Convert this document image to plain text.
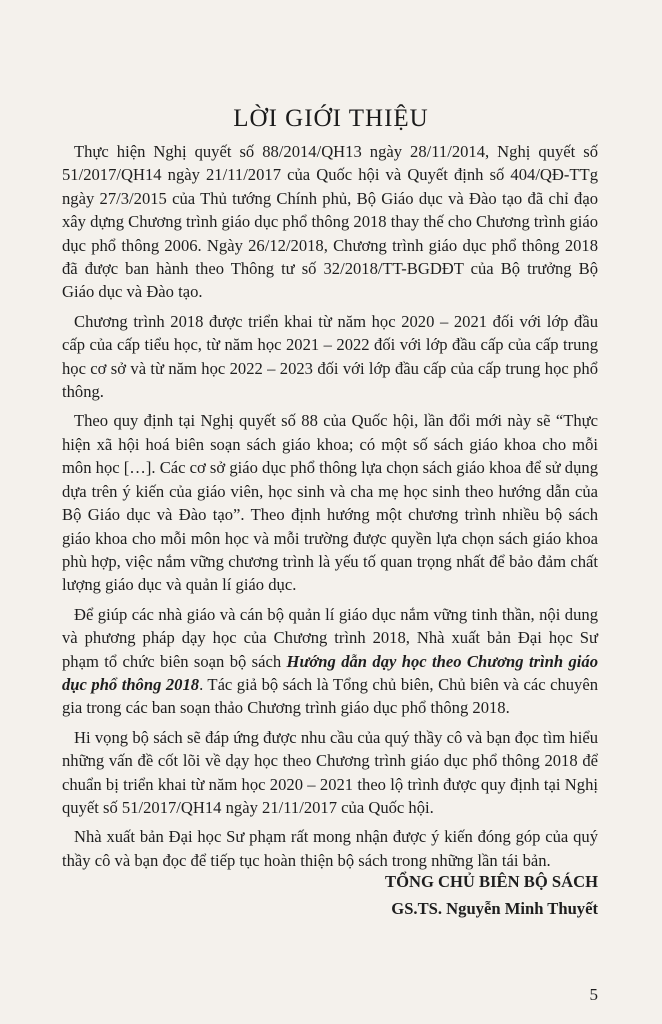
LỜI GIỚI THIỆU

Thực hiện Nghị quyết số 88/2014/QH13 ngày 28/11/2014, Nghị quyết số 51/2017/QH14 ngày 21/11/2017 của Quốc hội và Quyết định số 404/QĐ-TTg ngày 27/3/2015 của Thủ tướng Chính phủ, Bộ Giáo dục và Đào tạo đã chỉ đạo xây dựng Chương trình giáo dục phổ thông 2018 thay thế cho Chương trình giáo dục phổ thông 2006. Ngày 26/12/2018, Chương trình giáo dục phổ thông 2018 đã được ban hành theo Thông tư số 32/2018/TT-BGDĐT của Bộ trưởng Bộ Giáo dục và Đào tạo.

Chương trình 2018 được triển khai từ năm học 2020 – 2021 đối với lớp đầu cấp của cấp tiểu học, từ năm học 2021 – 2022 đối với lớp đầu cấp của cấp trung học cơ sở và từ năm học 2022 – 2023 đối với lớp đầu cấp của cấp trung học phổ thông.

Theo quy định tại Nghị quyết số 88 của Quốc hội, lần đổi mới này sẽ “Thực hiện xã hội hoá biên soạn sách giáo khoa; có một số sách giáo khoa cho mỗi môn học […]. Các cơ sở giáo dục phổ thông lựa chọn sách giáo khoa để sử dụng dựa trên ý kiến của giáo viên, học sinh và cha mẹ học sinh theo hướng dẫn của Bộ Giáo dục và Đào tạo”. Theo định hướng một chương trình nhiều bộ sách giáo khoa cho mỗi môn học và mỗi trường được quyền lựa chọn sách giáo khoa phù hợp, việc nắm vững chương trình là yếu tố quan trọng nhất để bảo đảm chất lượng giáo dục và quản lí giáo dục.

Để giúp các nhà giáo và cán bộ quản lí giáo dục nắm vững tinh thần, nội dung và phương pháp dạy học của Chương trình 2018, Nhà xuất bản Đại học Sư phạm tổ chức biên soạn bộ sách Hướng dẫn dạy học theo Chương trình giáo dục phổ thông 2018. Tác giả bộ sách là Tổng chủ biên, Chủ biên và các chuyên gia trong các ban soạn thảo Chương trình giáo dục phổ thông 2018.

Hi vọng bộ sách sẽ đáp ứng được nhu cầu của quý thầy cô và bạn đọc tìm hiểu những vấn đề cốt lõi về dạy học theo Chương trình giáo dục phổ thông 2018 để chuẩn bị triển khai từ năm học 2020 – 2021 theo lộ trình được quy định tại Nghị quyết số 51/2017/QH14 ngày 21/11/2017 của Quốc hội.

Nhà xuất bản Đại học Sư phạm rất mong nhận được ý kiến đóng góp của quý thầy cô và bạn đọc để tiếp tục hoàn thiện bộ sách trong những lần tái bản.

TỔNG CHỦ BIÊN BỘ SÁCH
GS.TS. Nguyễn Minh Thuyết
5
